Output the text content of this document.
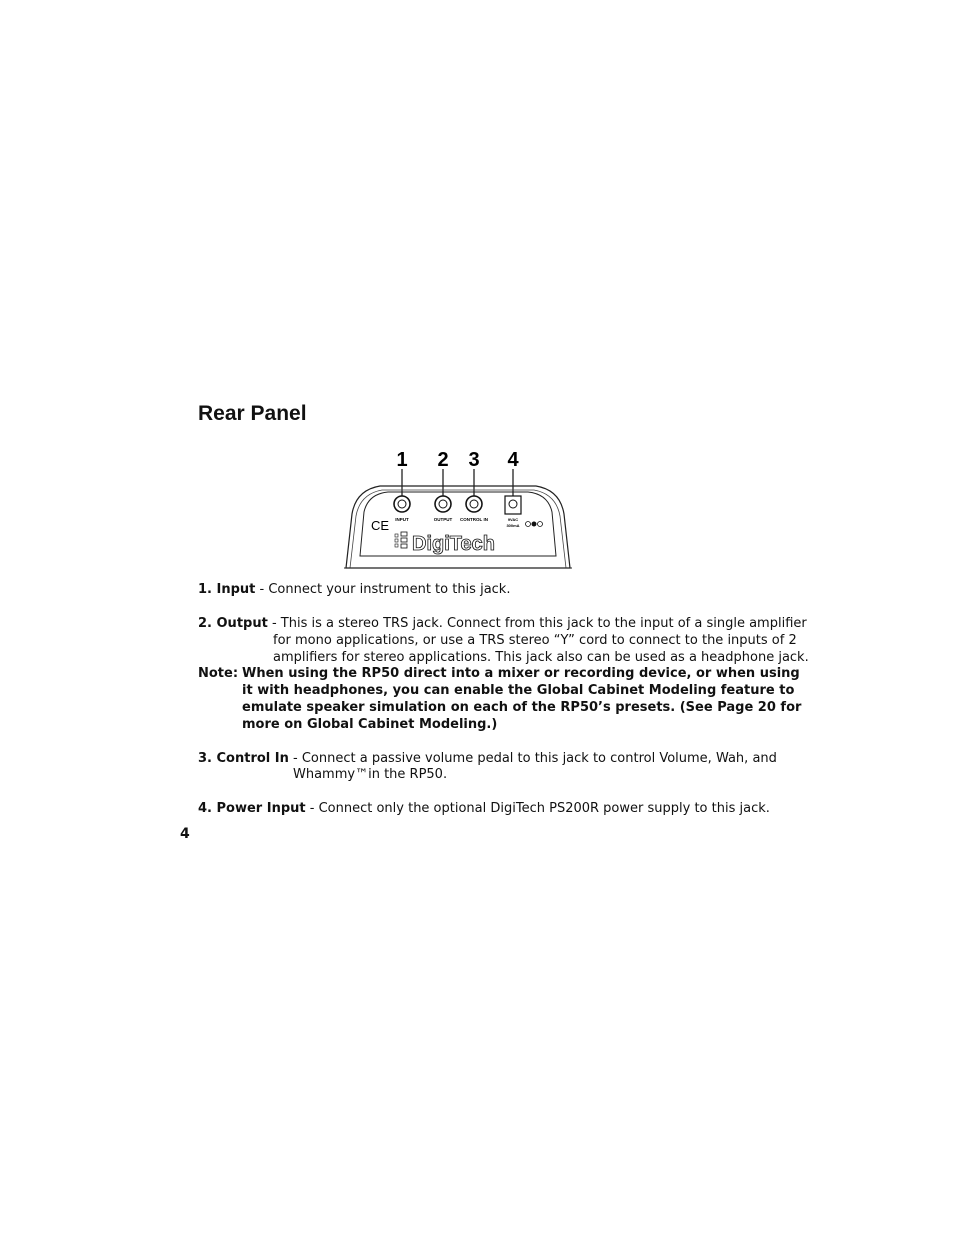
Rear Panel
1 2 3 4
INPUT	OUTPUT CONTROL IN	9VAC
300mA
CE
DigiTech
1. Input - Connect your instrument to this jack.
2. Output - This is a stereo TRS jack. Connect from this jack to the input of a single amplifier
for mono applications, or use a TRS stereo “Y” cord to connect to the inputs of 2
amplifiers for stereo applications. This jack also can be used as a headphone jack.
Note: When using the RP50 direct into a mixer or recording device, or when using
it with headphones, you can enable the Global Cabinet Modeling feature to
emulate speaker simulation on each of the RP50’s presets. (See Page 20 for
more on Global Cabinet Modeling.)
3. Control In - Connect a passive volume pedal to this jack to control Volume, Wah, and
Whammy™in the RP50.
4. Power Input - Connect only the optional DigiTech PS200R power supply to this jack.
4
